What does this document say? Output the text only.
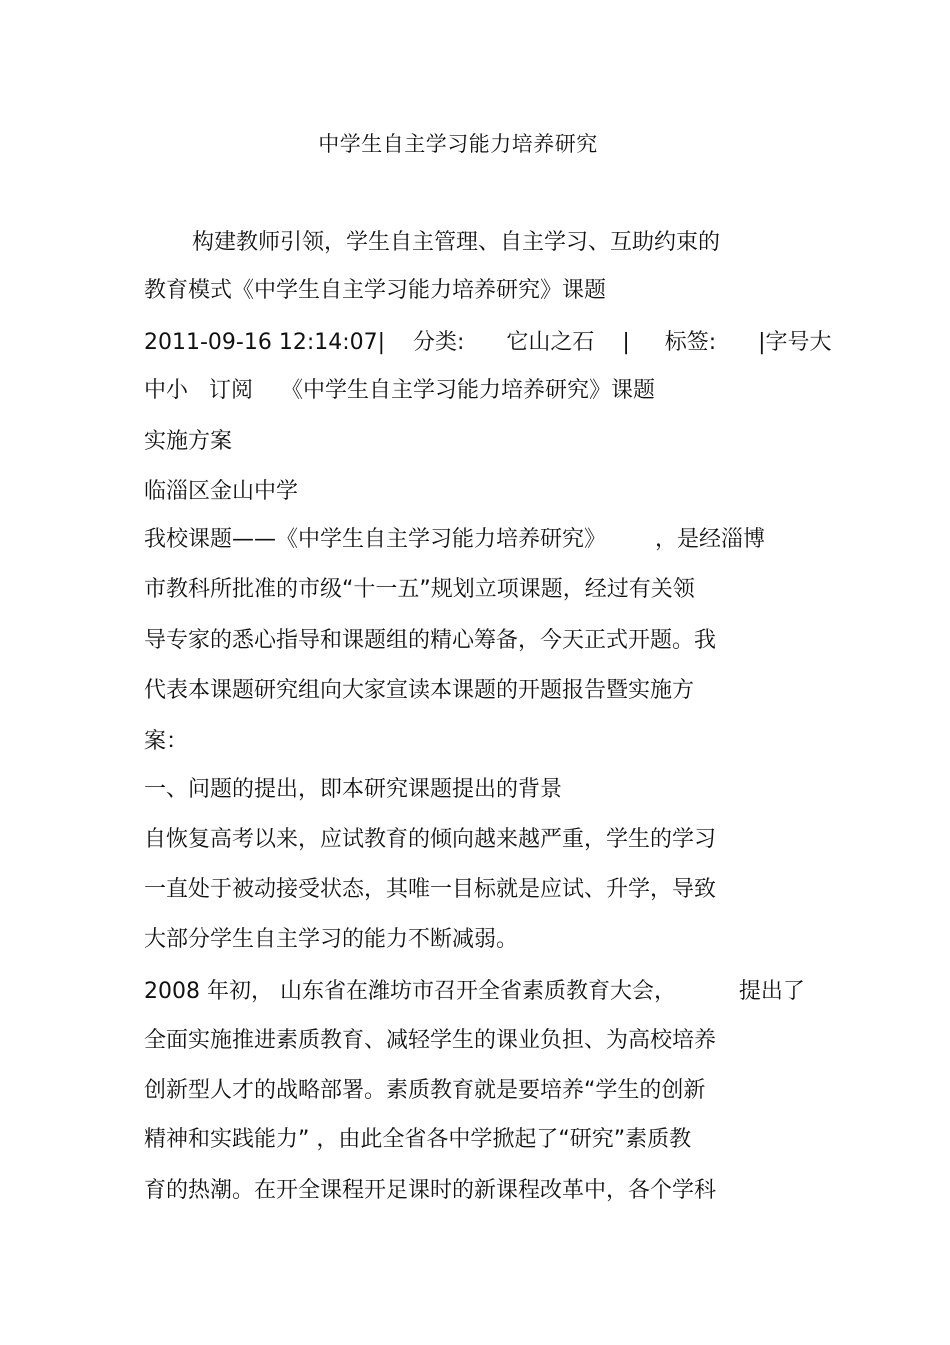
中学生自主学习能力培养研究
构建教师引领，学生自主管理、自主学习、互助约束的
教育模式《中学生自主学习能力培养研究》课题
2011-09-16 12:14:07|    分类:      它山之石    |     标签:      |字号大
中小   订阅    《中学生自主学习能力培养研究》课题
实施方案
临淄区金山中学
我校课题——《中学生自主学习能力培养研究》       ，是经淄博
市教科所批准的市级“十一五”规划立项课题，经过有关领
导专家的悉心指导和课题组的精心筹备，今天正式开题。我
代表本课题研究组向大家宣读本课题的开题报告暨实施方
案：
一、问题的提出，即本研究课题提出的背景
自恢复高考以来，应试教育的倾向越来越严重，学生的学习
一直处于被动接受状态，其唯一目标就是应试、升学，导致
大部分学生自主学习的能力不断减弱。
2008 年初， 山东省在潍坊市召开全省素质教育大会，         提出了
全面实施推进素质教育、减轻学生的课业负担、为高校培养
创新型人才的战略部署。素质教育就是要培养“学生的创新
精神和实践能力” ，由此全省各中学掀起了“研究”素质教
育的热潮。在开全课程开足课时的新课程改革中，各个学科
